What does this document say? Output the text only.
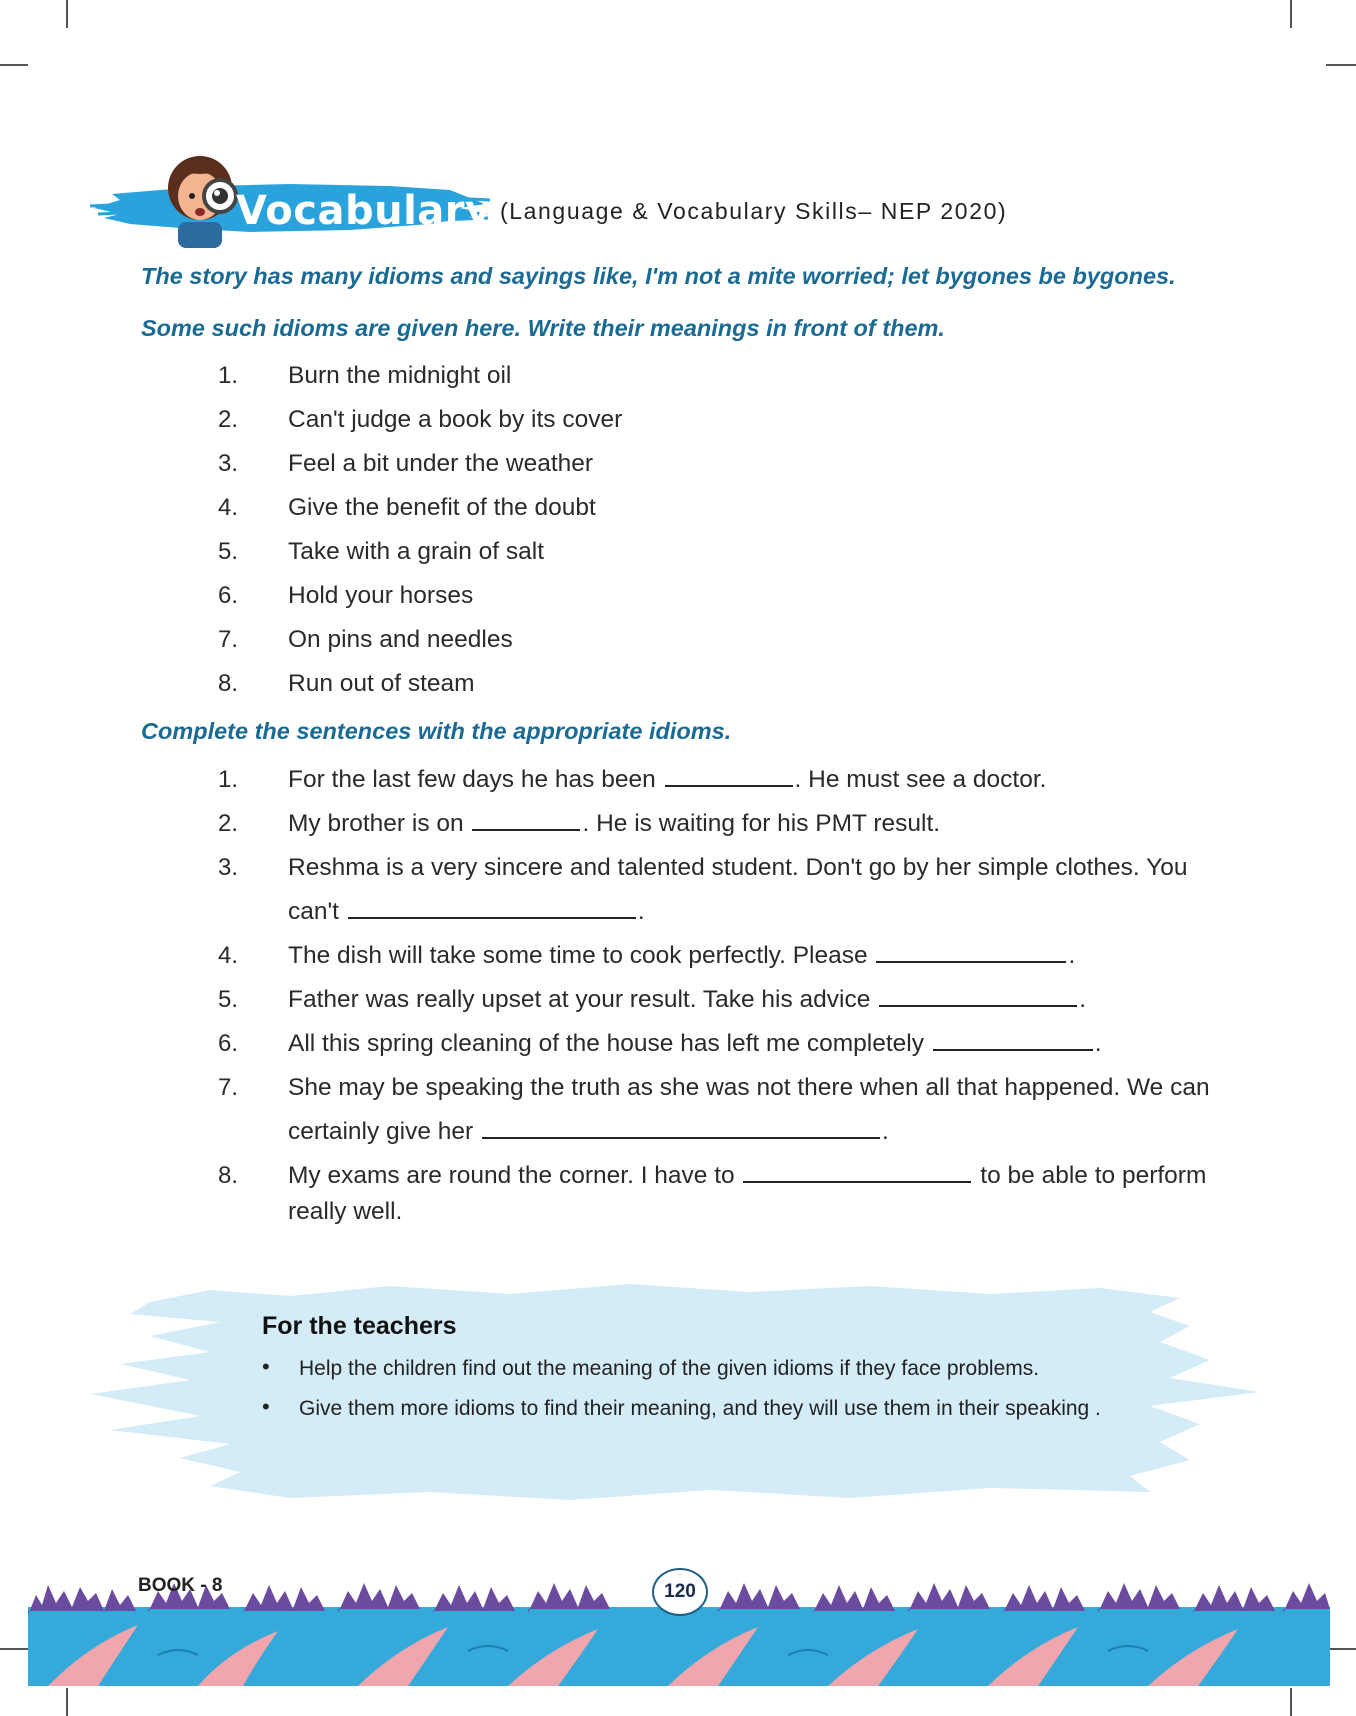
Vocabulary (Language & Vocabulary Skills– NEP 2020)
The story has many idioms and sayings like, I'm not a mite worried; let bygones be bygones.
Some such idioms are given here. Write their meanings in front of them.
1. Burn the midnight oil
2. Can't judge a book by its cover
3. Feel a bit under the weather
4. Give the benefit of the doubt
5. Take with a grain of salt
6. Hold your horses
7. On pins and needles
8. Run out of steam
Complete the sentences with the appropriate idioms.
1. For the last few days he has been	. He must see a doctor.
2. My brother is on	. He is waiting for his PMT result.
3. Reshma is a very sincere and talented student. Don't go by her simple clothes. You
can't	.
4. The dish will take some time to cook perfectly. Please	.
5. Father was really upset at your result. Take his advice	.
6. All this spring cleaning of the house has left me completely	.
7. She may be speaking the truth as she was not there when all that happened. We can
certainly give her	.
8. My exams are round the corner. I have to	to be able to perform
really well.
For the teachers
• Help the children find out the meaning of the given idioms if they face problems.
• Give them more idioms to find their meaning, and they will use them in their speaking .
BOOK - 8	120
